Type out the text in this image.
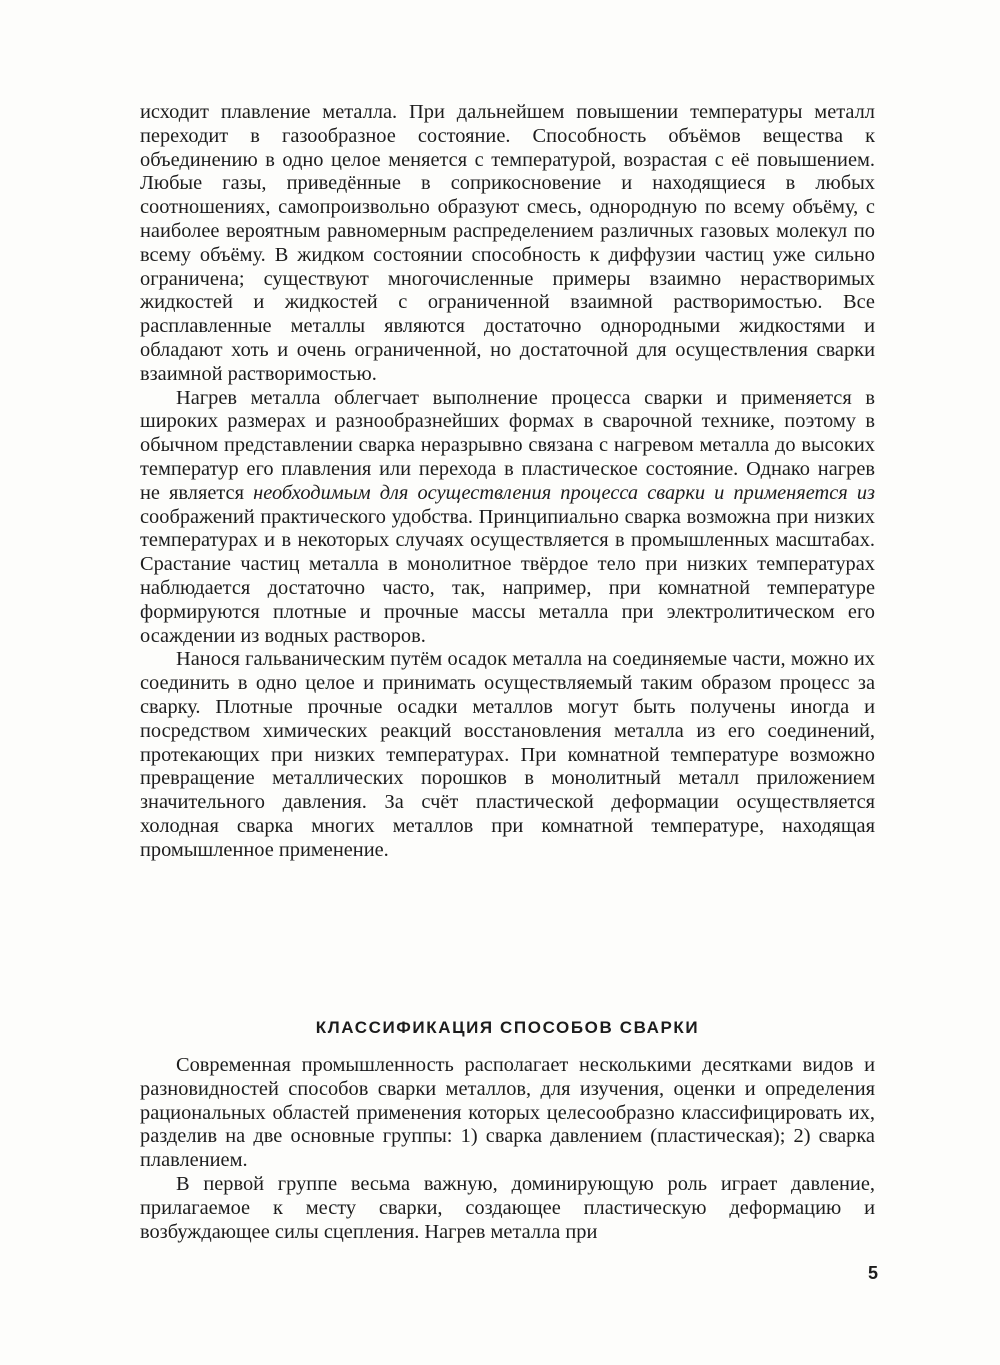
исходит плавление металла. При дальнейшем повышении температуры металл переходит в газообразное состояние. Способность объёмов вещества к объединению в одно целое меняется с температурой, возрастая с её повышением. Любые газы, приведённые в соприкосновение и находящиеся в любых соотношениях, самопроизвольно образуют смесь, однородную по всему объёму, с наиболее вероятным равномерным распределением различных газовых молекул по всему объёму. В жидком состоянии способность к диффузии частиц уже сильно ограничена; существуют многочисленные примеры взаимно нерастворимых жидкостей и жидкостей с ограниченной взаимной растворимостью. Все расплавленные металлы являются достаточно однородными жидкостями и обладают хоть и очень ограниченной, но достаточной для осуществления сварки взаимной растворимостью.

Нагрев металла облегчает выполнение процесса сварки и применяется в широких размерах и разнообразнейших формах в сварочной технике, поэтому в обычном представлении сварка неразрывно связана с нагревом металла до высоких температур его плавления или перехода в пластическое состояние. Однако нагрев не является необходимым для осуществления процесса сварки и применяется из соображений практического удобства. Принципиально сварка возможна при низких температурах и в некоторых случаях осуществляется в промышленных масштабах. Срастание частиц металла в монолитное твёрдое тело при низких температурах наблюдается достаточно часто, так, например, при комнатной температуре формируются плотные и прочные массы металла при электролитическом его осаждении из водных растворов.

Нанося гальваническим путём осадок металла на соединяемые части, можно их соединить в одно целое и принимать осуществляемый таким образом процесс за сварку. Плотные прочные осадки металлов могут быть получены иногда и посредством химических реакций восстановления металла из его соединений, протекающих при низких температурах. При комнатной температуре возможно превращение металлических порошков в монолитный металл приложением значительного давления. За счёт пластической деформации осуществляется холодная сварка многих металлов при комнатной температуре, находящая промышленное применение.

КЛАССИФИКАЦИЯ СПОСОБОВ СВАРКИ

Современная промышленность располагает несколькими десятками видов и разновидностей способов сварки металлов, для изучения, оценки и определения рациональных областей применения которых целесообразно классифицировать их, разделив на две основные группы: 1) сварка давлением (пластическая); 2) сварка плавлением.

В первой группе весьма важную, доминирующую роль играет давление, прилагаемое к месту сварки, создающее пластическую деформацию и возбуждающее силы сцепления. Нагрев металла при

5
